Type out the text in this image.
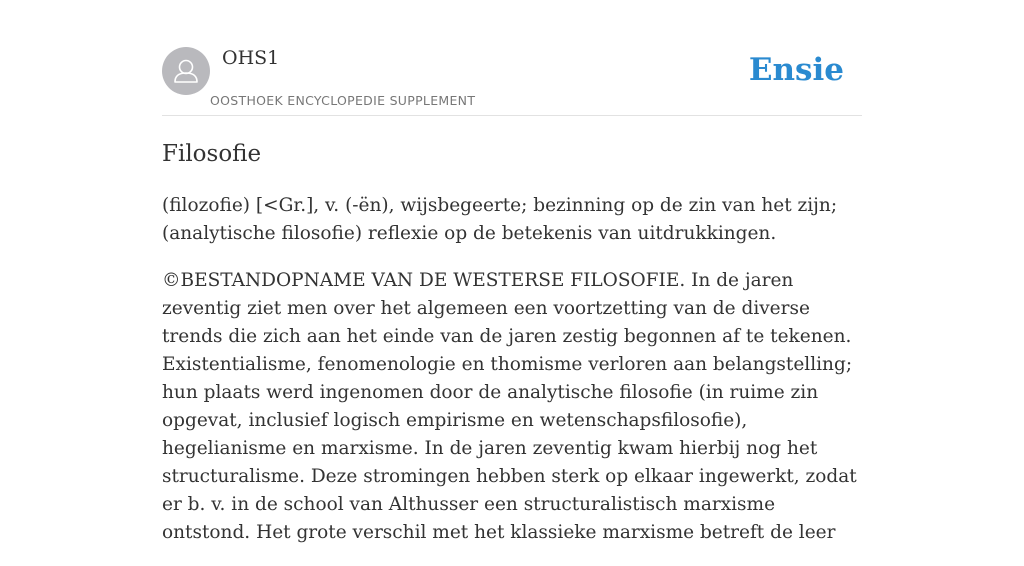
OHS1
OOSTHOEK ENCYCLOPEDIE SUPPLEMENT
Ensie
Filosofie

(filozofie) [<Gr.], v. (-ën), wijsbegeerte; bezinning op de zin van het zijn; (analytische filosofie) reflexie op de betekenis van uitdrukkingen.

©BESTANDOPNAME VAN DE WESTERSE FILOSOFIE. In de jaren zeventig ziet men over het algemeen een voortzetting van de diverse trends die zich aan het einde van de jaren zestig begonnen af te tekenen. Existentialisme, fenomenologie en thomisme verloren aan belangstelling; hun plaats werd ingenomen door de analytische filosofie (in ruime zin opgevat, inclusief logisch empirisme en wetenschapsfilosofie), hegelianisme en marxisme. In de jaren zeventig kwam hierbij nog het structuralisme. Deze stromingen hebben sterk op elkaar ingewerkt, zodat er b. v. in de school van Althusser een structuralistisch marxisme ontstond. Het grote verschil met het klassieke marxisme betreft de leer
